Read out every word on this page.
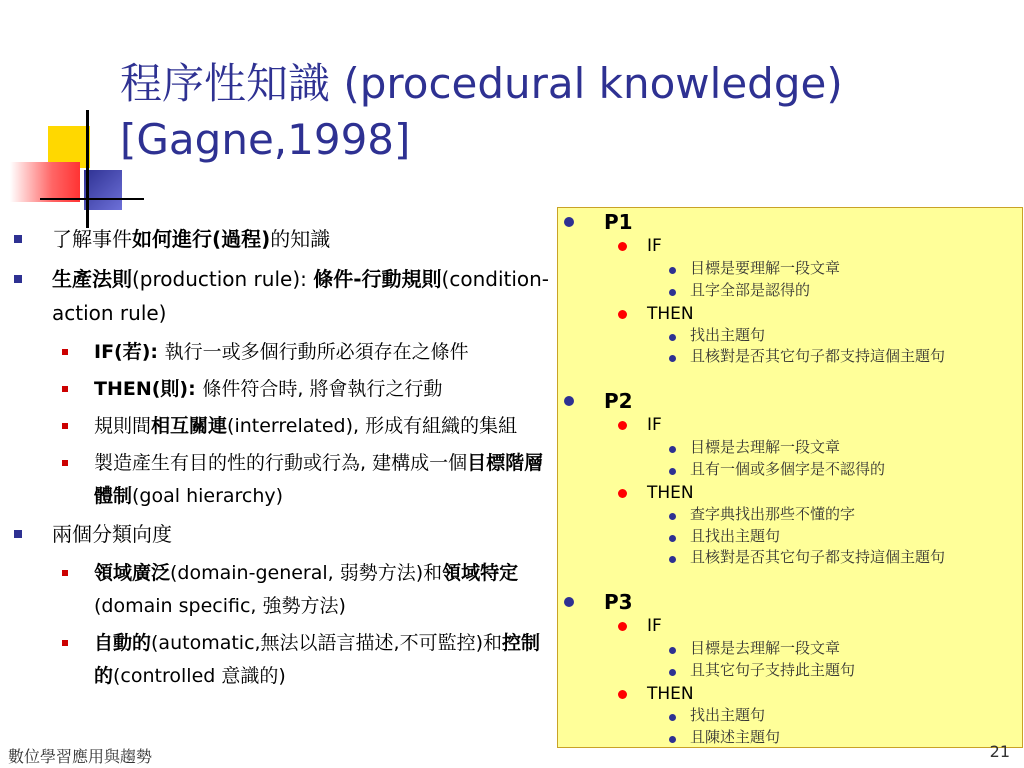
程序性知識 (procedural knowledge)
[Gagne,1998]
了解事件如何進行(過程)的知識
生產法則(production rule): 條件-行動規則(condition-action rule)
IF(若): 執行一或多個行動所必須存在之條件
THEN(則): 條件符合時, 將會執行之行動
規則間相互關連(interrelated), 形成有組織的集組
製造產生有目的性的行動或行為, 建構成一個目標階層體制(goal hierarchy)
兩個分類向度
領域廣泛(domain-general, 弱勢方法)和領域特定(domain specific, 強勢方法)
自動的(automatic,無法以語言描述,不可監控)和控制的(controlled 意識的)
P1
IF
目標是要理解一段文章
且字全部是認得的
THEN
找出主題句
且核對是否其它句子都支持這個主題句
P2
IF
目標是去理解一段文章
且有一個或多個字是不認得的
THEN
查字典找出那些不懂的字
且找出主題句
且核對是否其它句子都支持這個主題句
P3
IF
目標是去理解一段文章
且其它句子支持此主題句
THEN
找出主題句
且陳述主題句
數位學習應用與趨勢	21
